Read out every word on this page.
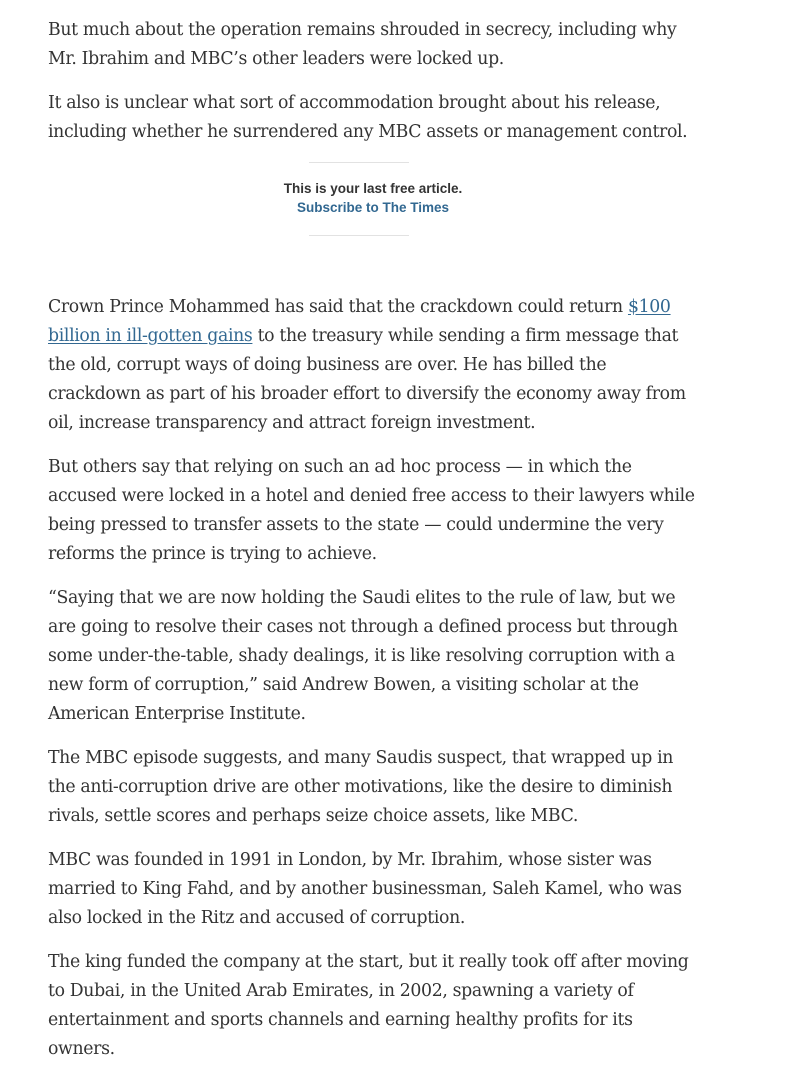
But much about the operation remains shrouded in secrecy, including why Mr. Ibrahim and MBC’s other leaders were locked up.

It also is unclear what sort of accommodation brought about his release, including whether he surrendered any MBC assets or management control.

This is your last free article.
Subscribe to The Times

Crown Prince Mohammed has said that the crackdown could return $100 billion in ill-gotten gains to the treasury while sending a firm message that the old, corrupt ways of doing business are over. He has billed the crackdown as part of his broader effort to diversify the economy away from oil, increase transparency and attract foreign investment.

But others say that relying on such an ad hoc process — in which the accused were locked in a hotel and denied free access to their lawyers while being pressed to transfer assets to the state — could undermine the very reforms the prince is trying to achieve.

“Saying that we are now holding the Saudi elites to the rule of law, but we are going to resolve their cases not through a defined process but through some under-the-table, shady dealings, it is like resolving corruption with a new form of corruption,” said Andrew Bowen, a visiting scholar at the American Enterprise Institute.

The MBC episode suggests, and many Saudis suspect, that wrapped up in the anti-corruption drive are other motivations, like the desire to diminish rivals, settle scores and perhaps seize choice assets, like MBC.

MBC was founded in 1991 in London, by Mr. Ibrahim, whose sister was married to King Fahd, and by another businessman, Saleh Kamel, who was also locked in the Ritz and accused of corruption.

The king funded the company at the start, but it really took off after moving to Dubai, in the United Arab Emirates, in 2002, spawning a variety of entertainment and sports channels and earning healthy profits for its owners.
